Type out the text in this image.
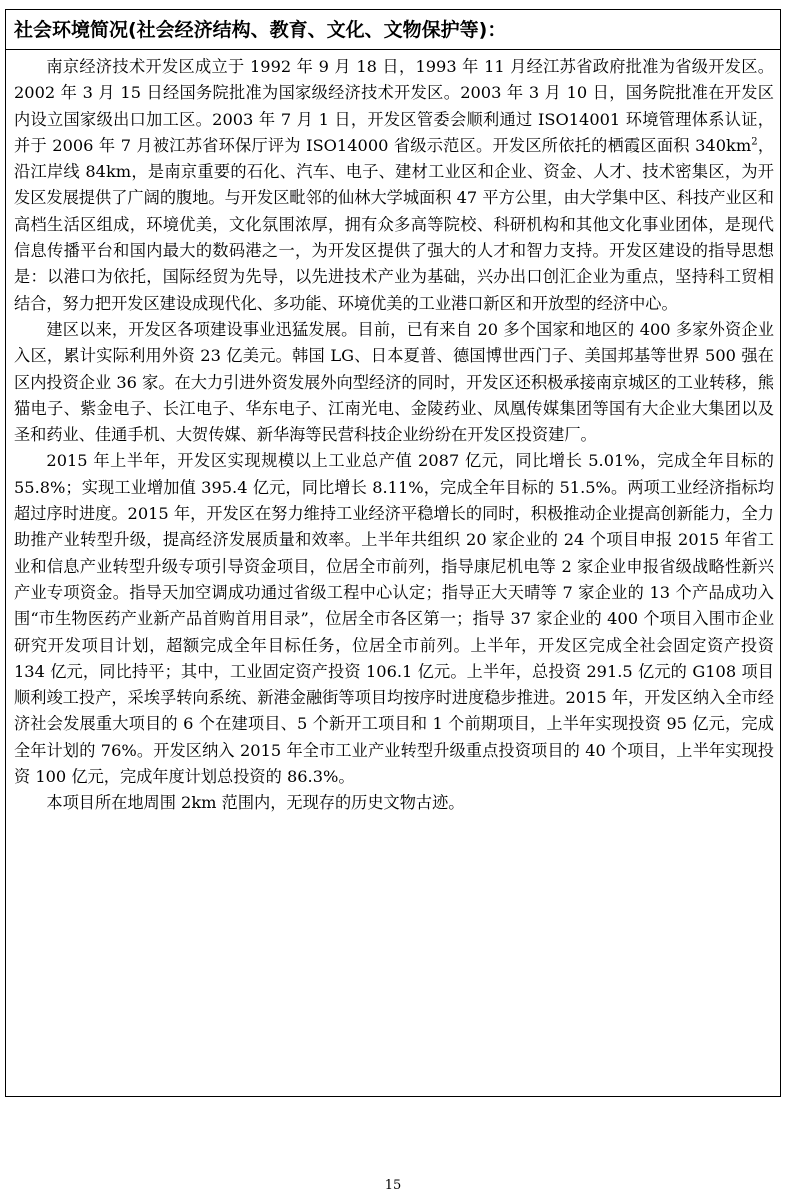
社会环境简况(社会经济结构、教育、文化、文物保护等)：

南京经济技术开发区成立于 1992 年 9 月 18 日，1993 年 11 月经江苏省政府批准为省级开发区。2002 年 3 月 15 日经国务院批准为国家级经济技术开发区。2003 年 3 月 10 日，国务院批准在开发区内设立国家级出口加工区。2003 年 7 月 1 日，开发区管委会顺利通过 ISO14001 环境管理体系认证，并于 2006 年 7 月被江苏省环保厅评为 ISO14000 省级示范区。开发区所依托的栖霞区面积 $340km^2$，沿江岸线 84km，是南京重要的石化、汽车、电子、建材工业区和企业、资金、人才、技术密集区，为开发区发展提供了广阔的腹地。与开发区毗邻的仙林大学城面积 47 平方公里，由大学集中区、科技产业区和高档生活区组成，环境优美，文化氛围浓厚，拥有众多高等院校、科研机构和其他文化事业团体，是现代信息传播平台和国内最大的数码港之一，为开发区提供了强大的人才和智力支持。开发区建设的指导思想是：以港口为依托，国际经贸为先导，以先进技术产业为基础，兴办出口创汇企业为重点，坚持科工贸相结合，努力把开发区建设成现代化、多功能、环境优美的工业港口新区和开放型的经济中心。

建区以来，开发区各项建设事业迅猛发展。目前，已有来自 20 多个国家和地区的 400 多家外资企业入区，累计实际利用外资 23 亿美元。韩国 LG、日本夏普、德国博世西门子、美国邦基等世界 500 强在区内投资企业 36 家。在大力引进外资发展外向型经济的同时，开发区还积极承接南京城区的工业转移，熊猫电子、紫金电子、长江电子、华东电子、江南光电、金陵药业、凤凰传媒集团等国有大企业大集团以及圣和药业、佳通手机、大贺传媒、新华海等民营科技企业纷纷在开发区投资建厂。

2015 年上半年，开发区实现规模以上工业总产值 2087 亿元，同比增长 5.01%，完成全年目标的 55.8%；实现工业增加值 395.4 亿元，同比增长 8.11%，完成全年目标的 51.5%。两项工业经济指标均超过序时进度。2015 年，开发区在努力维持工业经济平稳增长的同时，积极推动企业提高创新能力，全力助推产业转型升级，提高经济发展质量和效率。上半年共组织 20 家企业的 24 个项目申报 2015 年省工业和信息产业转型升级专项引导资金项目，位居全市前列，指导康尼机电等 2 家企业申报省级战略性新兴产业专项资金。指导天加空调成功通过省级工程中心认定；指导正大天晴等 7 家企业的 13 个产品成功入围“市生物医药产业新产品首购首用目录”，位居全市各区第一；指导 37 家企业的 400 个项目入围市企业研究开发项目计划，超额完成全年目标任务，位居全市前列。上半年，开发区完成全社会固定资产投资 134 亿元，同比持平；其中，工业固定资产投资 106.1 亿元。上半年，总投资 291.5 亿元的 G108 项目顺利竣工投产，采埃孚转向系统、新港金融街等项目均按序时进度稳步推进。2015 年，开发区纳入全市经济社会发展重大项目的 6 个在建项目、5 个新开工项目和 1 个前期项目，上半年实现投资 95 亿元，完成全年计划的 76%。开发区纳入 2015 年全市工业产业转型升级重点投资项目的 40 个项目，上半年实现投资 100 亿元，完成年度计划总投资的 86.3%。

本项目所在地周围 2km 范围内，无现存的历史文物古迹。

15
